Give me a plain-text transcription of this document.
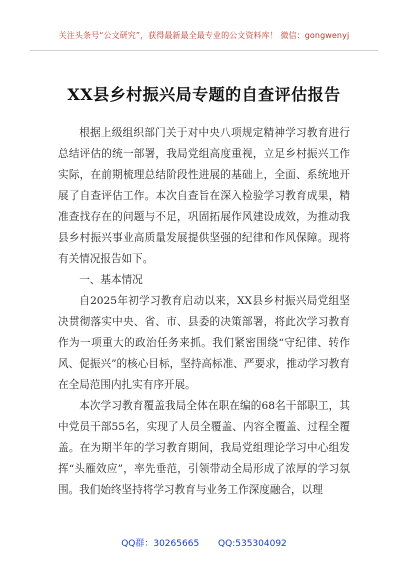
关注头条号“公文研究”，获得最新最全最专业的公文资料库！ 微信：gongwenyj
XX县乡村振兴局专题的自查评估报告

根据上级组织部门关于对中央八项规定精神学习教育进行总结评估的统一部署，我局党组高度重视，立足乡村振兴工作实际，在前期梳理总结阶段性进展的基础上，全面、系统地开展了自查评估工作。本次自查旨在深入检验学习教育成果，精准查找存在的问题与不足，巩固拓展作风建设成效，为推动我县乡村振兴事业高质量发展提供坚强的纪律和作风保障。现将有关情况报告如下。

一、基本情况

自2025年初学习教育启动以来，XX县乡村振兴局党组坚决贯彻落实中央、省、市、县委的决策部署，将此次学习教育作为一项重大的政治任务来抓。我们紧密围绕“守纪律、转作风、促振兴”的核心目标，坚持高标准、严要求，推动学习教育在全局范围内扎实有序开展。

本次学习教育覆盖我局全体在职在编的68名干部职工，其中党员干部55名，实现了人员全覆盖、内容全覆盖、过程全覆盖。在为期半年的学习教育期间，我局党组理论学习中心组发挥“头雁效应”，率先垂范，引领带动全局形成了浓厚的学习氛围。我们始终坚持将学习教育与业务工作深度融合，以理

QQ群：30265665 QQ:535304092
